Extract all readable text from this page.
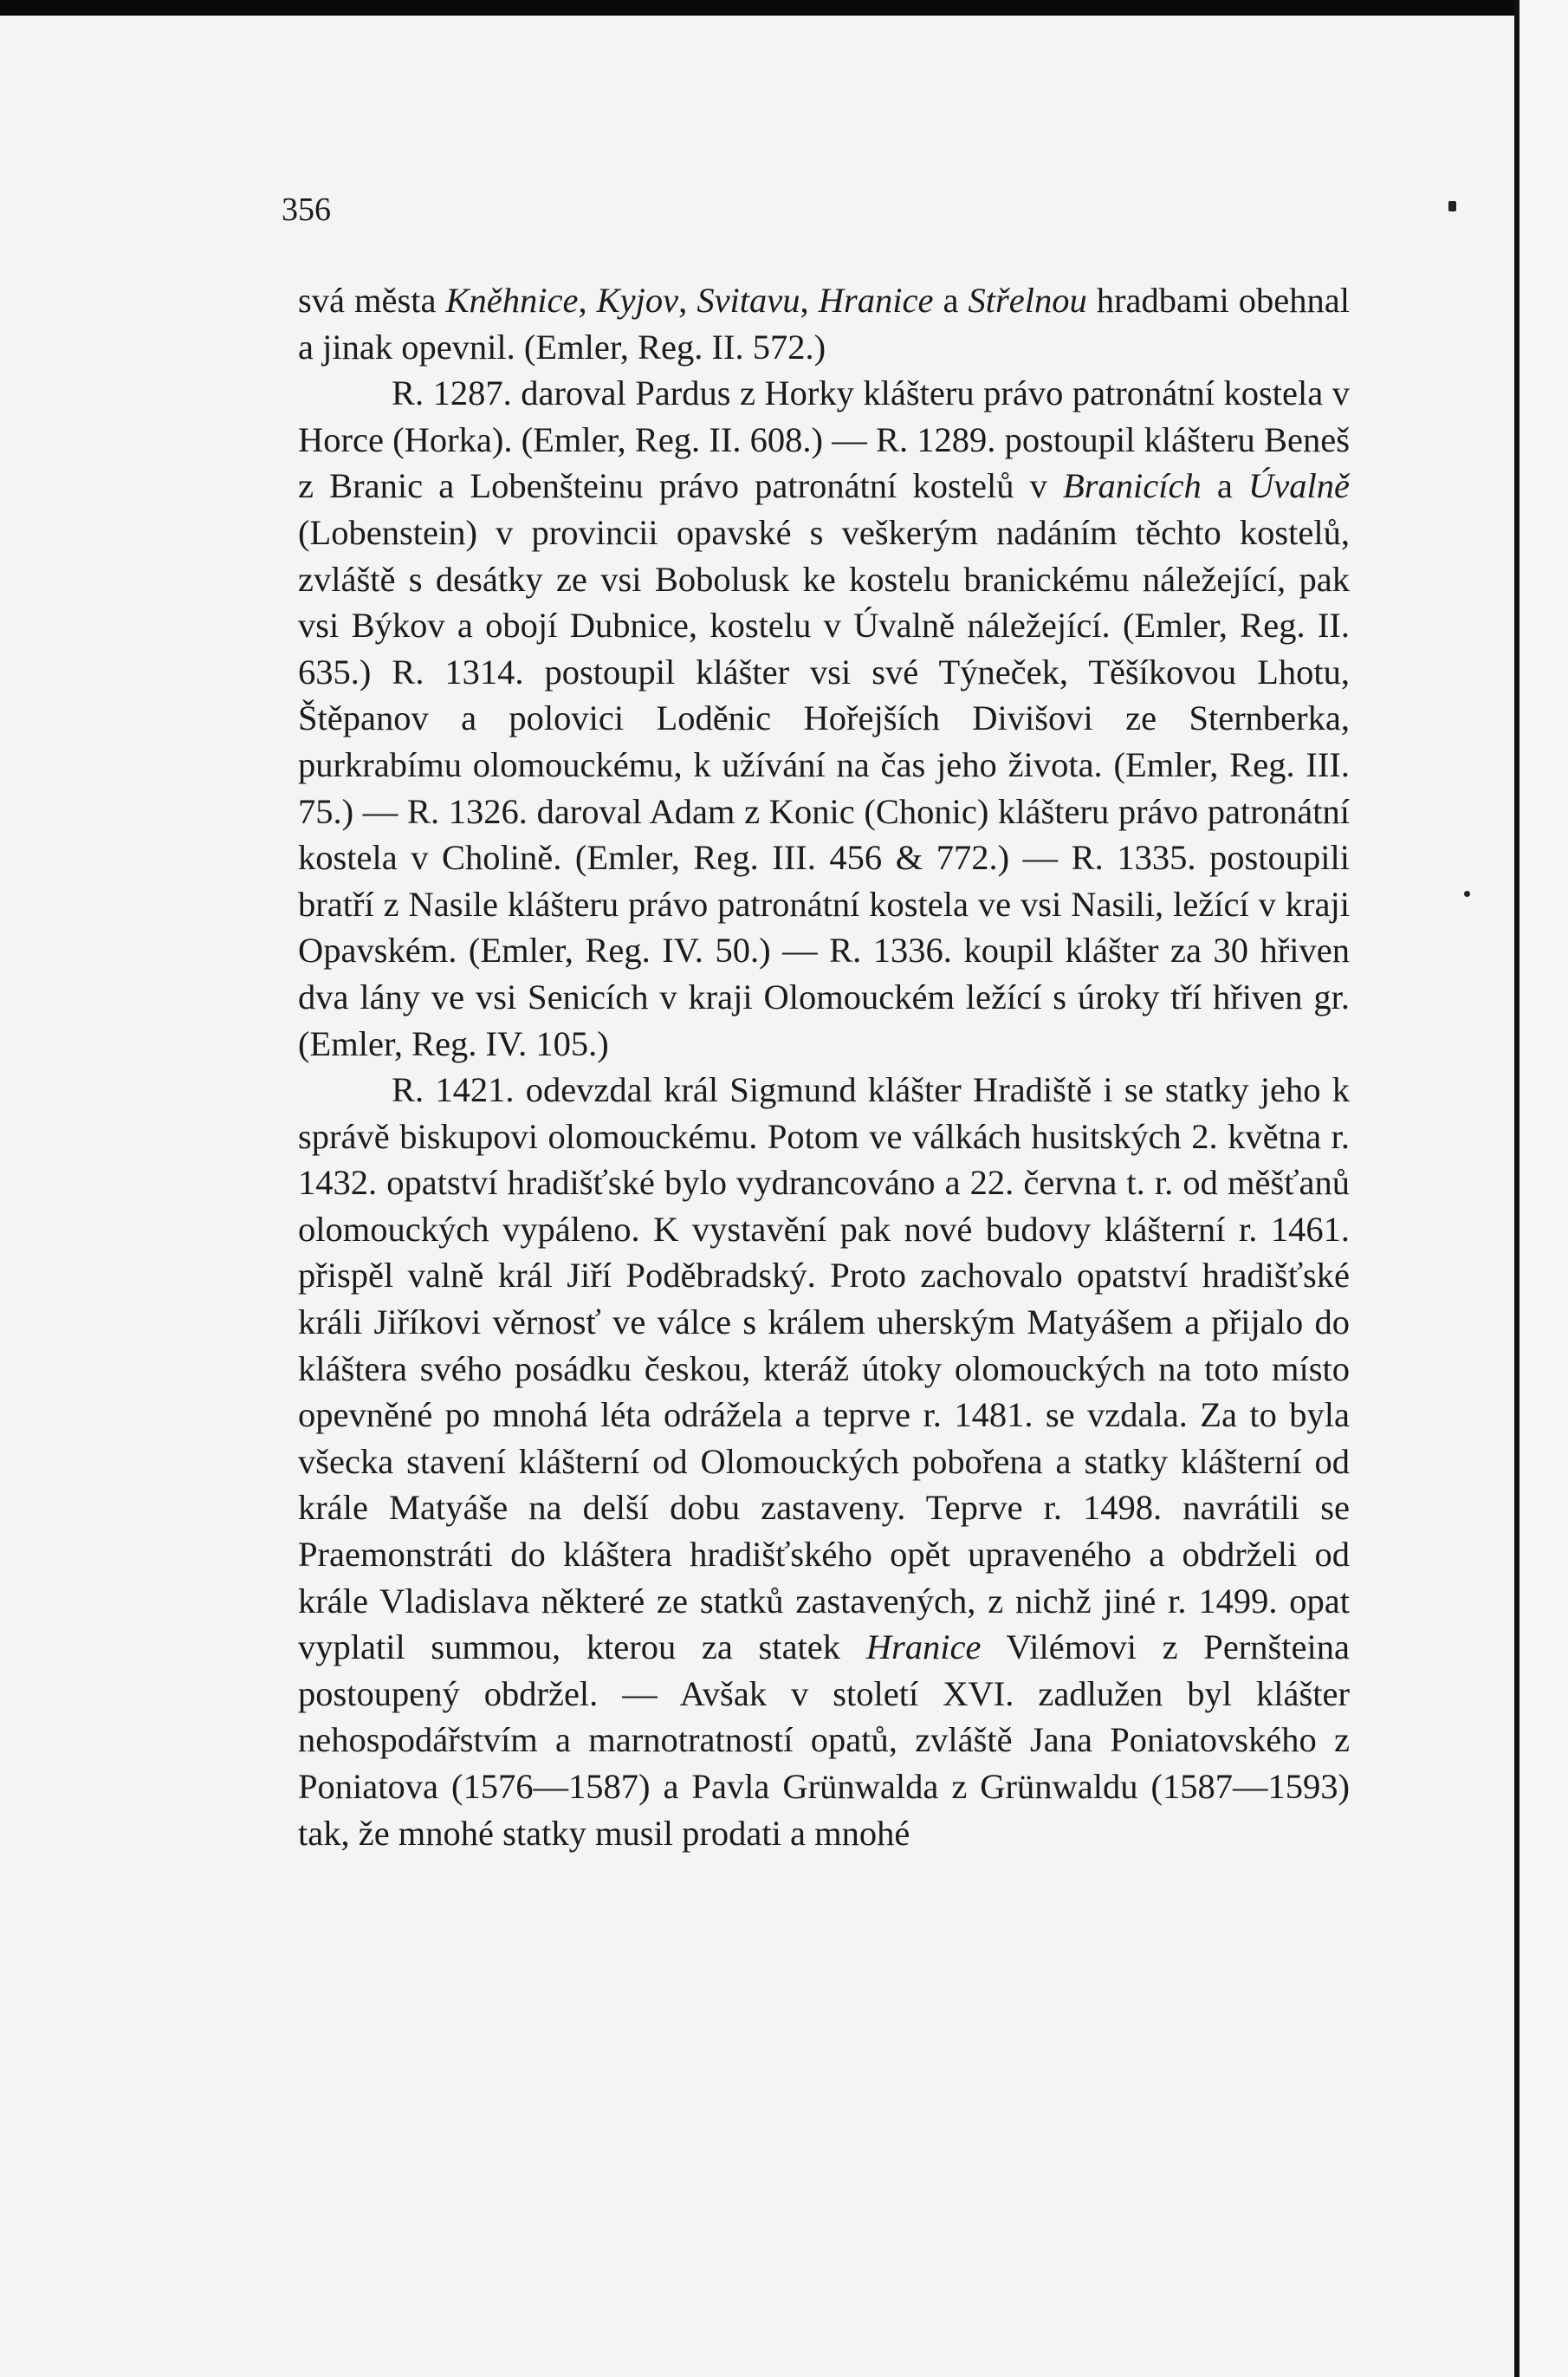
356

svá města Kněhnice, Kyjov, Svitavu, Hranice a Střelnou hradbami obehnal a jinak opevnil. (Emler, Reg. II. 572.)

R. 1287. daroval Pardus z Horky klášteru právo patronátní kostela v Horce (Horka). (Emler, Reg. II. 608.) — R. 1289. postoupil klášteru Beneš z Branic a Lobenšteinu právo patronátní kostelů v Branicích a Úvalně (Lobenstein) v provincii opavské s veškerým nadáním těchto kostelů, zvláště s desátky ze vsi Bobolusk ke kostelu branickému náležející, pak vsi Býkov a obojí Dubnice, kostelu v Úvalně náležející. (Emler, Reg. II. 635.) R. 1314. postoupil klášter vsi své Týneček, Těšíkovou Lhotu, Štěpanov a polovici Loděnic Hořejších Divišovi ze Sternberka, purkrabímu olomouckému, k užívání na čas jeho života. (Emler, Reg. III. 75.) — R. 1326. daroval Adam z Konic (Chonic) klášteru právo patronátní kostela v Cholině. (Emler, Reg. III. 456 & 772.) — R. 1335. postoupili bratří z Nasile klášteru právo patronátní kostela ve vsi Nasili, ležící v kraji Opavském. (Emler, Reg. IV. 50.) — R. 1336. koupil klášter za 30 hřiven dva lány ve vsi Senicích v kraji Olomouckém ležící s úroky tří hřiven gr. (Emler, Reg. IV. 105.)

R. 1421. odevzdal král Sigmund klášter Hradiště i se statky jeho k správě biskupovi olomouckému. Potom ve válkách husitských 2. května r. 1432. opatství hradišťské bylo vydrancováno a 22. června t. r. od měšťanů olomouckých vypáleno. K vystavění pak nové budovy klášterní r. 1461. přispěl valně král Jiří Poděbradský. Proto zachovalo opatství hradišťské králi Jiříkovi věrnosť ve válce s králem uherským Matyášem a přijalo do kláštera svého posádku českou, kteráž útoky olomouckých na toto místo opevněné po mnohá léta odrážela a teprve r. 1481. se vzdala. Za to byla všecka stavení klášterní od Olomouckých pobořena a statky klášterní od krále Matyáše na delší dobu zastaveny. Teprve r. 1498. navrátili se Praemonstráti do kláštera hradišťského opět upraveného a obdrželi od krále Vladislava některé ze statků zastavených, z nichž jiné r. 1499. opat vyplatil summou, kterou za statek Hranice Vilémovi z Pernšteina postoupený obdržel. — Avšak v století XVI. zadlužen byl klášter nehospodářstvím a marnotratností opatů, zvláště Jana Poniatovského z Poniatova (1576—1587) a Pavla Grünwalda z Grünwaldu (1587—1593) tak, že mnohé statky musil prodati a mnohé
